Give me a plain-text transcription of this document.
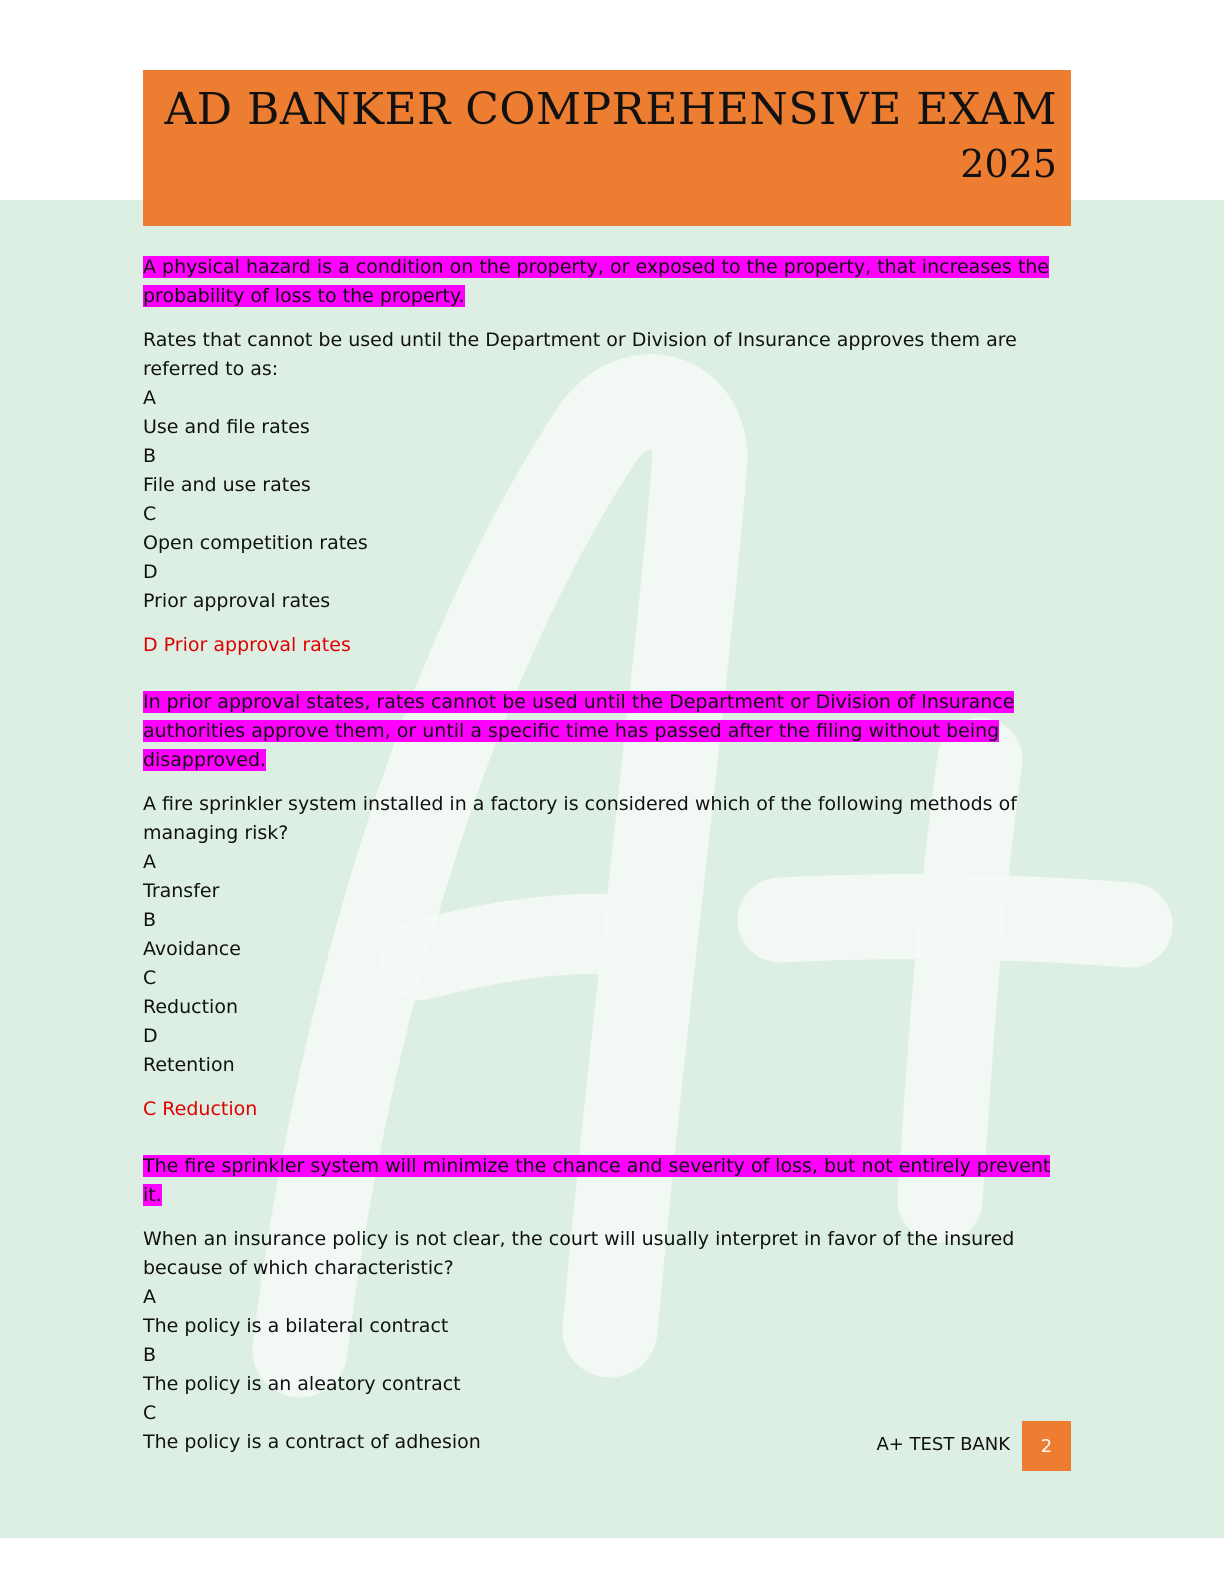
AD BANKER COMPREHENSIVE EXAM
2025

A physical hazard is a condition on the property, or exposed to the property, that increases the probability of loss to the property.

Rates that cannot be used until the Department or Division of Insurance approves them are referred to as:

A

Use and file rates

B

File and use rates

C

Open competition rates

D

Prior approval rates

D Prior approval rates

In prior approval states, rates cannot be used until the Department or Division of Insurance authorities approve them, or until a specific time has passed after the filing without being disapproved.

A fire sprinkler system installed in a factory is considered which of the following methods of managing risk?

A

Transfer

B

Avoidance

C

Reduction

D

Retention

C Reduction

The fire sprinkler system will minimize the chance and severity of loss, but not entirely prevent it.

When an insurance policy is not clear, the court will usually interpret in favor of the insured because of which characteristic?

A

The policy is a bilateral contract

B

The policy is an aleatory contract

C

The policy is a contract of adhesion	A+ TEST BANK	2
